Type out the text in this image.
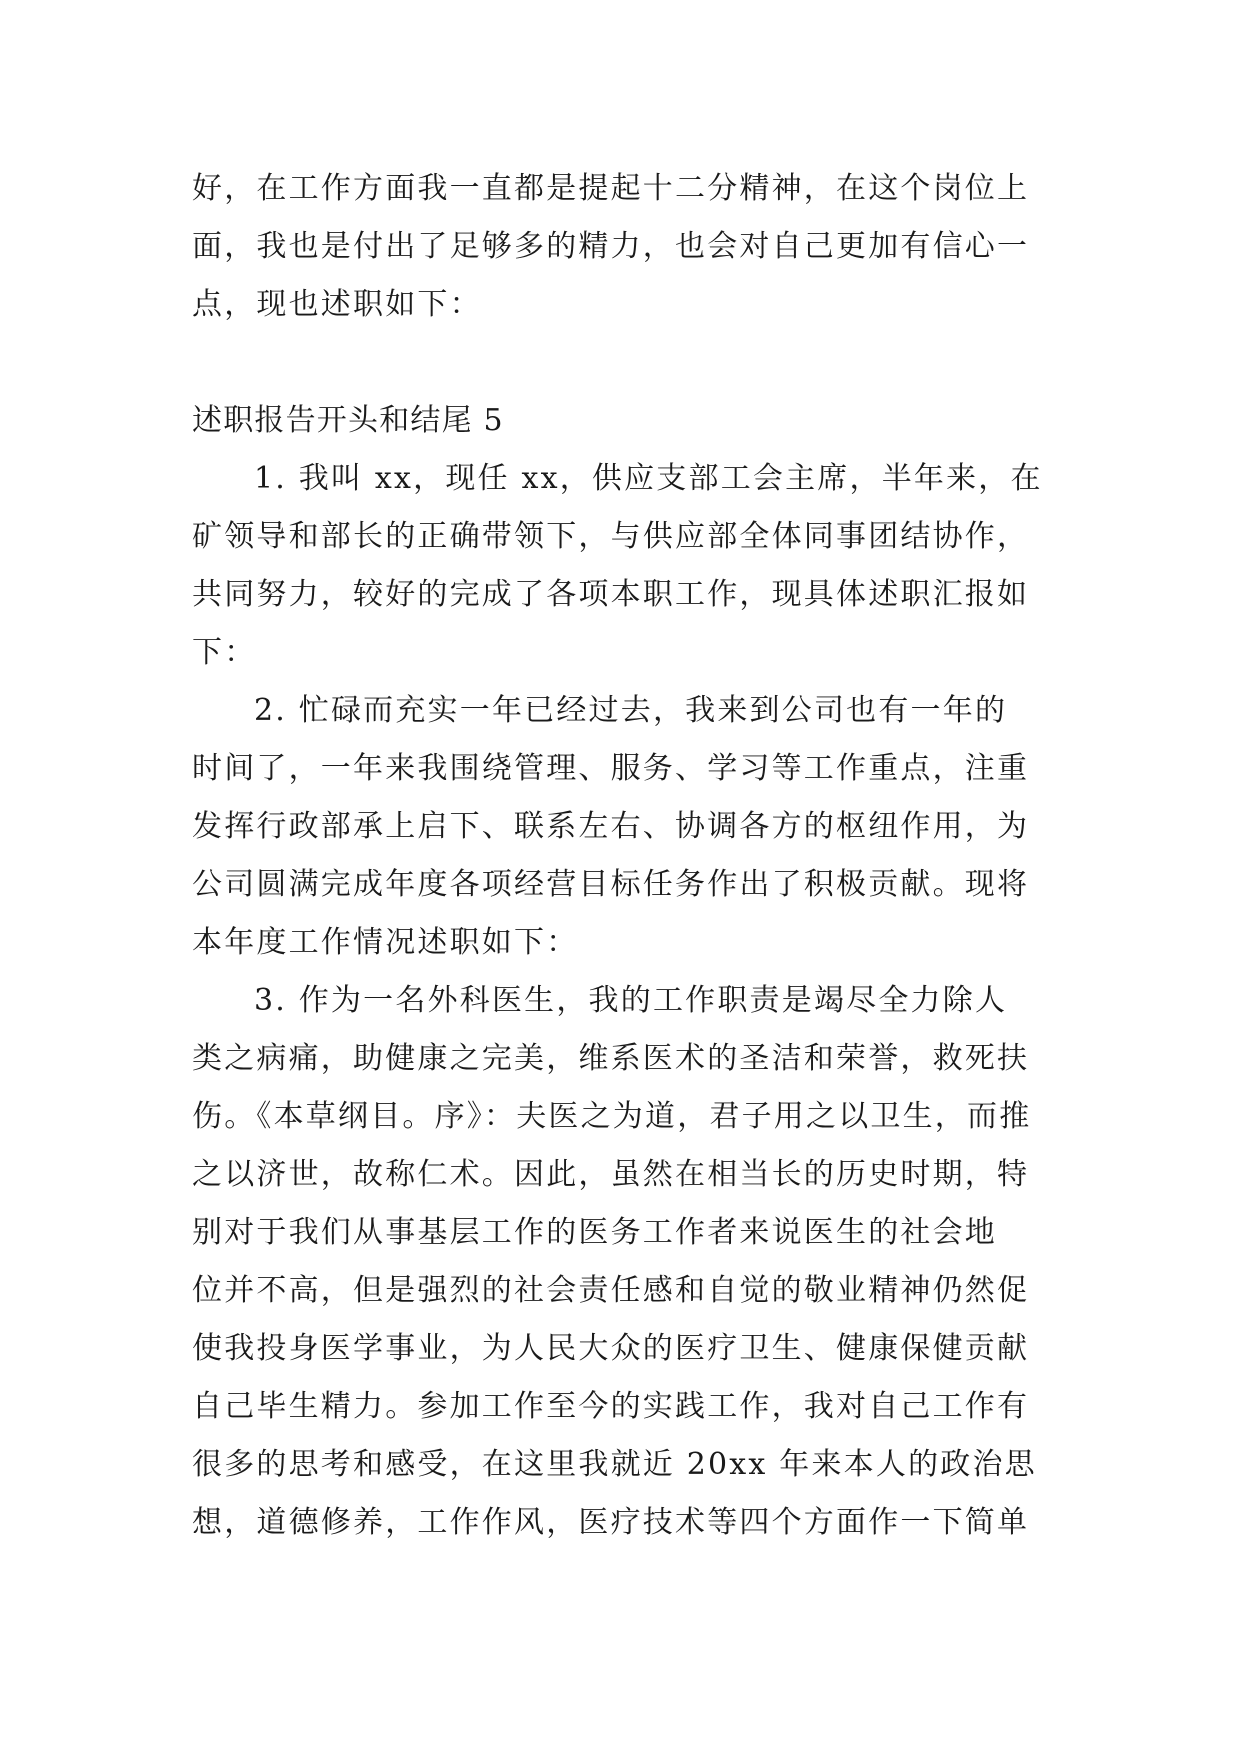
好，在工作方面我一直都是提起十二分精神，在这个岗位上
面，我也是付出了足够多的精力，也会对自己更加有信心一
点，现也述职如下：
述职报告开头和结尾 5
1. 我叫 xx，现任 xx，供应支部工会主席，半年来，在
矿领导和部长的正确带领下，与供应部全体同事团结协作，
共同努力，较好的完成了各项本职工作，现具体述职汇报如
下：
2. 忙碌而充实一年已经过去，我来到公司也有一年的
时间了，一年来我围绕管理、服务、学习等工作重点，注重
发挥行政部承上启下、联系左右、协调各方的枢纽作用，为
公司圆满完成年度各项经营目标任务作出了积极贡献。现将
本年度工作情况述职如下：
3. 作为一名外科医生，我的工作职责是竭尽全力除人
类之病痛，助健康之完美，维系医术的圣洁和荣誉，救死扶
伤。《本草纲目。序》：夫医之为道，君子用之以卫生，而推
之以济世，故称仁术。因此，虽然在相当长的历史时期，特
别对于我们从事基层工作的医务工作者来说医生的社会地
位并不高，但是强烈的社会责任感和自觉的敬业精神仍然促
使我投身医学事业，为人民大众的医疗卫生、健康保健贡献
自己毕生精力。参加工作至今的实践工作，我对自己工作有
很多的思考和感受，在这里我就近 20xx 年来本人的政治思
想，道德修养，工作作风，医疗技术等四个方面作一下简单
